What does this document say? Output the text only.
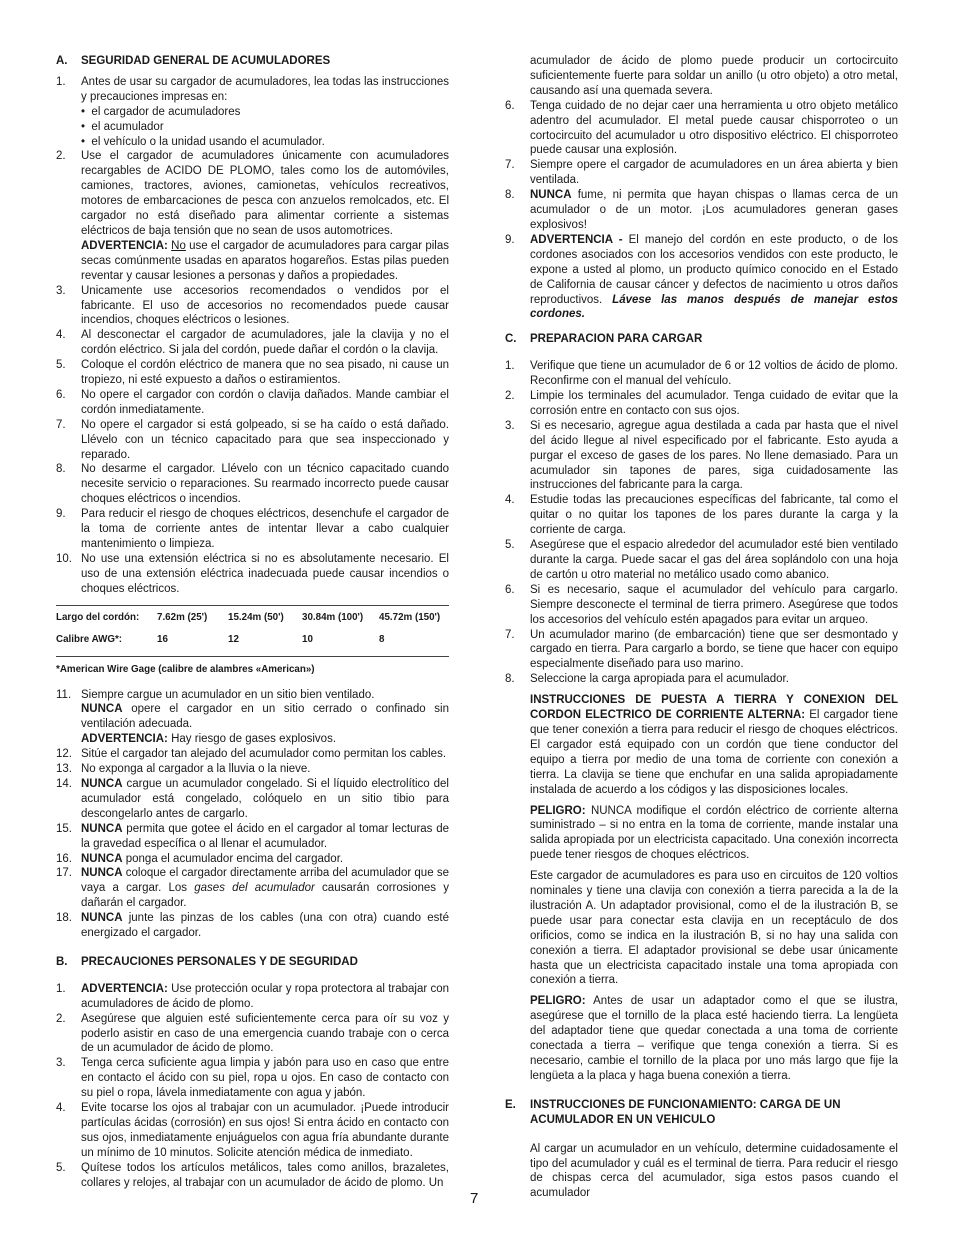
A.	SEGURIDAD GENERAL DE ACUMULADORES
1.	Antes de usar su cargador de acumuladores, lea todas las instrucciones y precauciones impresas en:
•  el cargador de acumuladores
•  el acumulador
•  el vehículo o la unidad usando el acumulador.
2.	Use el cargador de acumuladores únicamente con acumuladores recargables de ACIDO DE PLOMO, tales como los de automóviles, camiones, tractores, aviones, camionetas, vehículos recreativos, motores de embarcaciones de pesca con anzuelos remolcados, etc. El cargador no está diseñado para alimentar corriente a sistemas eléctricos de baja tensión que no sean de usos automotrices.
ADVERTENCIA: No use el cargador de acumuladores para cargar pilas secas comúnmente usadas en aparatos hogareños. Estas pilas pueden reventar y causar lesiones a personas y daños a propiedades.
3.	Unicamente use accesorios recomendados o vendidos por el fabricante. El uso de accesorios no recomendados puede causar incendios, choques eléctricos o lesiones.
4.	Al desconectar el cargador de acumuladores, jale la clavija y no el cordón eléctrico. Si jala del cordón, puede dañar el cordón o la clavija.
5.	Coloque el cordón eléctrico de manera que no sea pisado, ni cause un tropiezo, ni esté expuesto a daños o estiramientos.
6.	No opere el cargador con cordón o clavija dañados. Mande cambiar el cordón inmediatamente.
7.	No opere el cargador si está golpeado, si se ha caído o está dañado. Llévelo con un técnico capacitado para que sea inspeccionado y reparado.
8.	No desarme el cargador. Llévelo con un técnico capacitado cuando necesite servicio o reparaciones. Su rearmado incorrecto puede causar choques eléctricos o incendios.
9.	Para reducir el riesgo de choques eléctricos, desenchufe el cargador de la toma de corriente antes de intentar llevar a cabo cualquier mantenimiento o limpieza.
10. No use una extensión eléctrica si no es absolutamente necesario. El uso de una extensión eléctrica inadecuada puede causar incendios o choques eléctricos.
Largo del cordón:	7.62m (25')	15.24m (50')	30.84m (100')	45.72m (150')
Calibre AWG*:	16	12	10	8
*American Wire Gage (calibre de alambres «American»)
11. Siempre cargue un acumulador en un sitio bien ventilado.
NUNCA opere el cargador en un sitio cerrado o confinado sin ventilación adecuada.
ADVERTENCIA: Hay riesgo de gases explosivos.
12. Sitúe el cargador tan alejado del acumulador como permitan los cables.
13. No exponga al cargador a la lluvia o la nieve.
14. NUNCA cargue un acumulador congelado. Si el líquido electrolítico del acumulador está congelado, colóquelo en un sitio tibio para descongelarlo antes de cargarlo.
15. NUNCA permita que gotee el ácido en el cargador al tomar lecturas de la gravedad específica o al llenar el acumulador.
16. NUNCA ponga el acumulador encima del cargador.
17. NUNCA coloque el cargador directamente arriba del acumulador que se vaya a cargar. Los gases del acumulador causarán corrosiones y dañarán el cargador.
18. NUNCA junte las pinzas de los cables (una con otra) cuando esté energizado el cargador.
B.	PRECAUCIONES PERSONALES Y DE SEGURIDAD
1.	ADVERTENCIA: Use protección ocular y ropa protectora al trabajar con acumuladores de ácido de plomo.
2.	Asegúrese que alguien esté suficientemente cerca para oír su voz y poderlo asistir en caso de una emergencia cuando trabaje con o cerca de un acumulador de ácido de plomo.
3.	Tenga cerca suficiente agua limpia y jabón para uso en caso que entre en contacto el ácido con su piel, ropa u ojos. En caso de contacto con su piel o ropa, lávela inmediatamente con agua y jabón.
4.	Evite tocarse los ojos al trabajar con un acumulador. ¡Puede introducir partículas ácidas (corrosión) en sus ojos! Si entra ácido en contacto con sus ojos, inmediatamente enjuáguelos con agua fría abundante durante un mínimo de 10 minutos. Solicite atención médica de inmediato.
5.	Quítese todos los artículos metálicos, tales como anillos, brazaletes, collares y relojes, al trabajar con un acumulador de ácido de plomo. Un

acumulador de ácido de plomo puede producir un cortocircuito suficientemente fuerte para soldar un anillo (u otro objeto) a otro metal, causando así una quemada severa.

6.	Tenga cuidado de no dejar caer una herramienta u otro objeto metálico adentro del acumulador. El metal puede causar chisporroteo o un cortocircuito del acumulador u otro dispositivo eléctrico. El chisporroteo puede causar una explosión.
7.	Siempre opere el cargador de acumuladores en un área abierta y bien ventilada.
8.	NUNCA fume, ni permita que hayan chispas o llamas cerca de un acumulador o de un motor. ¡Los acumuladores generan gases explosivos!
9.	ADVERTENCIA - El manejo del cordón en este producto, o de los cordones asociados con los accesorios vendidos con este producto, le expone a usted al plomo, un producto químico conocido en el Estado de California de causar cáncer y defectos de nacimiento u otros daños reproductivos. Lávese las manos después de manejar estos cordones.
C.	PREPARACION PARA CARGAR
1.	Verifique que tiene un acumulador de 6 or 12 voltios de ácido de plomo. Reconfirme con el manual del vehículo.
2.	Limpie los terminales del acumulador. Tenga cuidado de evitar que la corrosión entre en contacto con sus ojos.
3.	Si es necesario, agregue agua destilada a cada par hasta que el nivel del ácido llegue al nivel especificado por el fabricante. Esto ayuda a purgar el exceso de gases de los pares. No llene demasiado. Para un acumulador sin tapones de pares, siga cuidadosamente las instrucciones del fabricante para la carga.
4.	Estudie todas las precauciones específicas del fabricante, tal como el quitar o no quitar los tapones de los pares durante la carga y la corriente de carga.
5.	Asegúrese que el espacio alrededor del acumulador esté bien ventilado durante la carga. Puede sacar el gas del área soplándolo con una hoja de cartón u otro material no metálico usado como abanico.
6.	Si es necesario, saque el acumulador del vehículo para cargarlo. Siempre desconecte el terminal de tierra primero. Asegúrese que todos los accesorios del vehículo estén apagados para evitar un arqueo.
7.	Un acumulador marino (de embarcación) tiene que ser desmontado y cargado en tierra. Para cargarlo a bordo, se tiene que hacer con equipo especialmente diseñado para uso marino.
8.	Seleccione la carga apropiada para el acumulador.

INSTRUCCIONES DE PUESTA A TIERRA Y CONEXION DEL CORDON ELECTRICO DE CORRIENTE ALTERNA: El cargador tiene que tener conexión a tierra para reducir el riesgo de choques eléctricos. El cargador está equipado con un cordón que tiene conductor del equipo a tierra por medio de una toma de corriente con conexión a tierra. La clavija se tiene que enchufar en una salida apropiadamente instalada de acuerdo a los códigos y las disposiciones locales.

PELIGRO: NUNCA modifique el cordón eléctrico de corriente alterna suministrado – si no entra en la toma de corriente, mande instalar una salida apropiada por un electricista capacitado. Una conexión incorrecta puede tener riesgos de choques eléctricos.

Este cargador de acumuladores es para uso en circuitos de 120 voltios nominales y tiene una clavija con conexión a tierra parecida a la de la ilustración A. Un adaptador provisional, como el de la ilustración B, se puede usar para conectar esta clavija en un receptáculo de dos orificios, como se indica en la ilustración B, si no hay una salida con conexión a tierra. El adaptador provisional se debe usar únicamente hasta que un electricista capacitado instale una toma apropiada con conexión a tierra.

PELIGRO: Antes de usar un adaptador como el que se ilustra, asegúrese que el tornillo de la placa esté haciendo tierra. La lengüeta del adaptador tiene que quedar conectada a una toma de corriente conectada a tierra – verifique que tenga conexión a tierra. Si es necesario, cambie el tornillo de la placa por uno más largo que fije la lengüeta a la placa y haga buena conexión a tierra.

E.	INSTRUCCIONES DE FUNCIONAMIENTO: CARGA DE UN ACUMULADOR EN UN VEHICULO

Al cargar un acumulador en un vehículo, determine cuidadosamente el tipo del acumulador y cuál es el terminal de tierra. Para reducir el riesgo de chispas cerca del acumulador, siga estos pasos cuando el acumulador

7
